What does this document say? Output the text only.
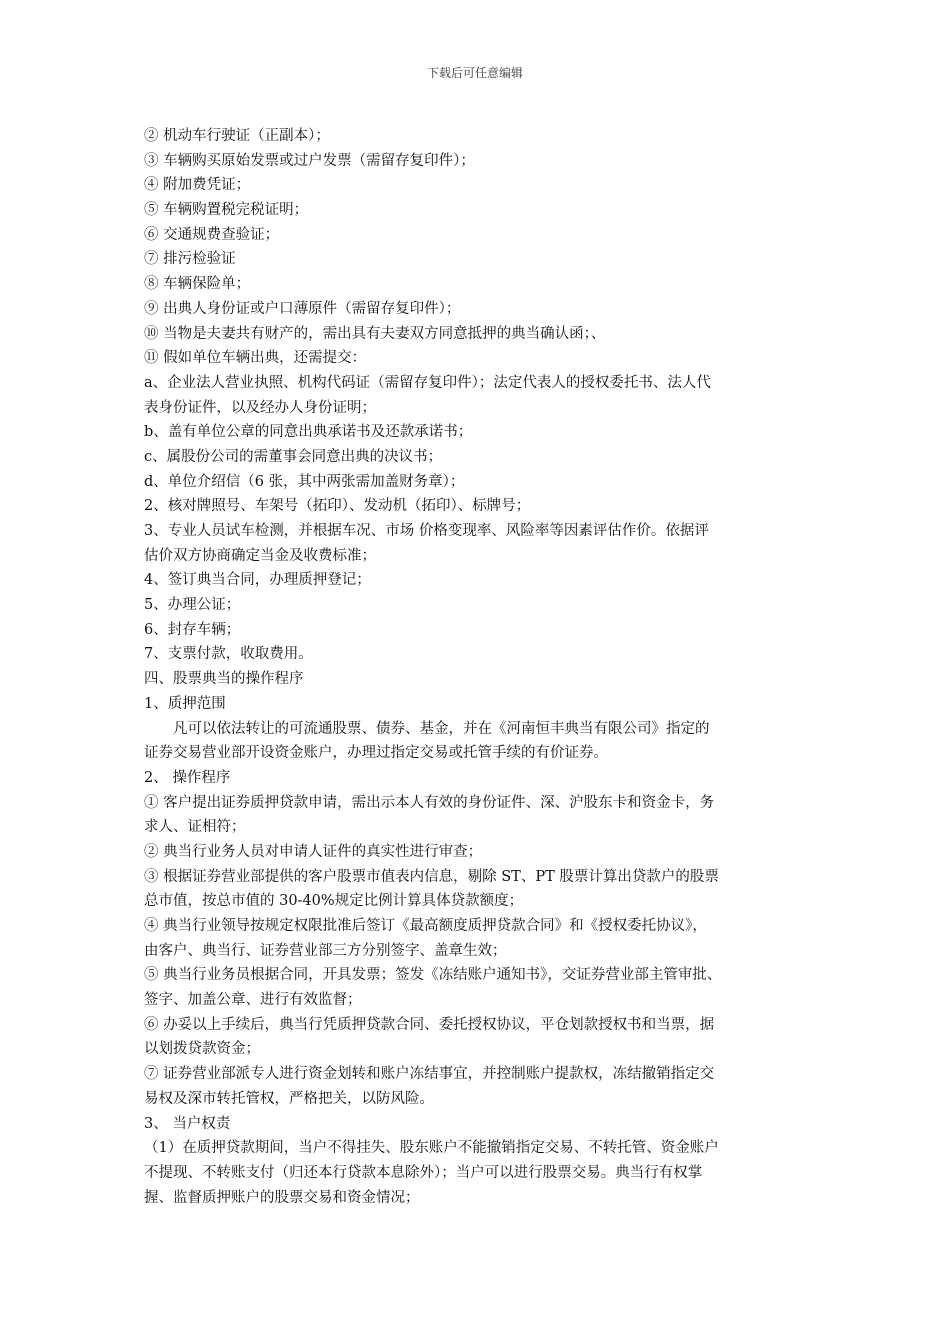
下载后可任意编辑
② 机动车行驶证（正副本）；
③ 车辆购买原始发票或过户发票（需留存复印件）；
④ 附加费凭证；
⑤ 车辆购置税完税证明；
⑥ 交通规费查验证；
⑦ 排污检验证
⑧ 车辆保险单；
⑨ 出典人身份证或户口薄原件（需留存复印件）；
⑩ 当物是夫妻共有财产的，需出具有夫妻双方同意抵押的典当确认函；、
⑪ 假如单位车辆出典，还需提交：
a、企业法人营业执照、机构代码证（需留存复印件）；法定代表人的授权委托书、法人代
表身份证件，以及经办人身份证明；
b、盖有单位公章的同意出典承诺书及还款承诺书；
c、属股份公司的需董事会同意出典的决议书；
d、单位介绍信（6 张，其中两张需加盖财务章）；
2、核对牌照号、车架号（拓印）、发动机（拓印）、标牌号；
3、专业人员试车检测，并根据车况、市场 价格变现率、风险率等因素评估作价。依据评
估价双方协商确定当金及收费标准；
4、签订典当合同，办理质押登记；
5、办理公证；
6、封存车辆；
7、支票付款，收取费用。
四、股票典当的操作程序
1、质押范围
凡可以依法转让的可流通股票、债券、基金，并在《河南恒丰典当有限公司》指定的
证券交易营业部开设资金账户，办理过指定交易或托管手续的有价证券。
2、 操作程序
① 客户提出证券质押贷款申请，需出示本人有效的身份证件、深、沪股东卡和资金卡，务
求人、证相符；
② 典当行业务人员对申请人证件的真实性进行审查；
③ 根据证券营业部提供的客户股票市值表内信息，剔除 ST、PT 股票计算出贷款户的股票
总市值，按总市值的 30-40%规定比例计算具体贷款额度；
④ 典当行业领导按规定权限批准后签订《最高额度质押贷款合同》和《授权委托协议》，
由客户、典当行、证券营业部三方分别签字、盖章生效；
⑤ 典当行业务员根据合同，开具发票；签发《冻结账户通知书》，交证券营业部主管审批、
签字、加盖公章、进行有效监督；
⑥ 办妥以上手续后，典当行凭质押贷款合同、委托授权协议，平仓划款授权书和当票，据
以划拨贷款资金；
⑦ 证券营业部派专人进行资金划转和账户冻结事宜，并控制账户提款权，冻结撤销指定交
易权及深市转托管权，严格把关，以防风险。
3、 当户权责
（1）在质押贷款期间，当户不得挂失、股东账户不能撤销指定交易、不转托管、资金账户
不提现、不转账支付（归还本行贷款本息除外）；当户可以进行股票交易。典当行有权掌
握、监督质押账户的股票交易和资金情况；
